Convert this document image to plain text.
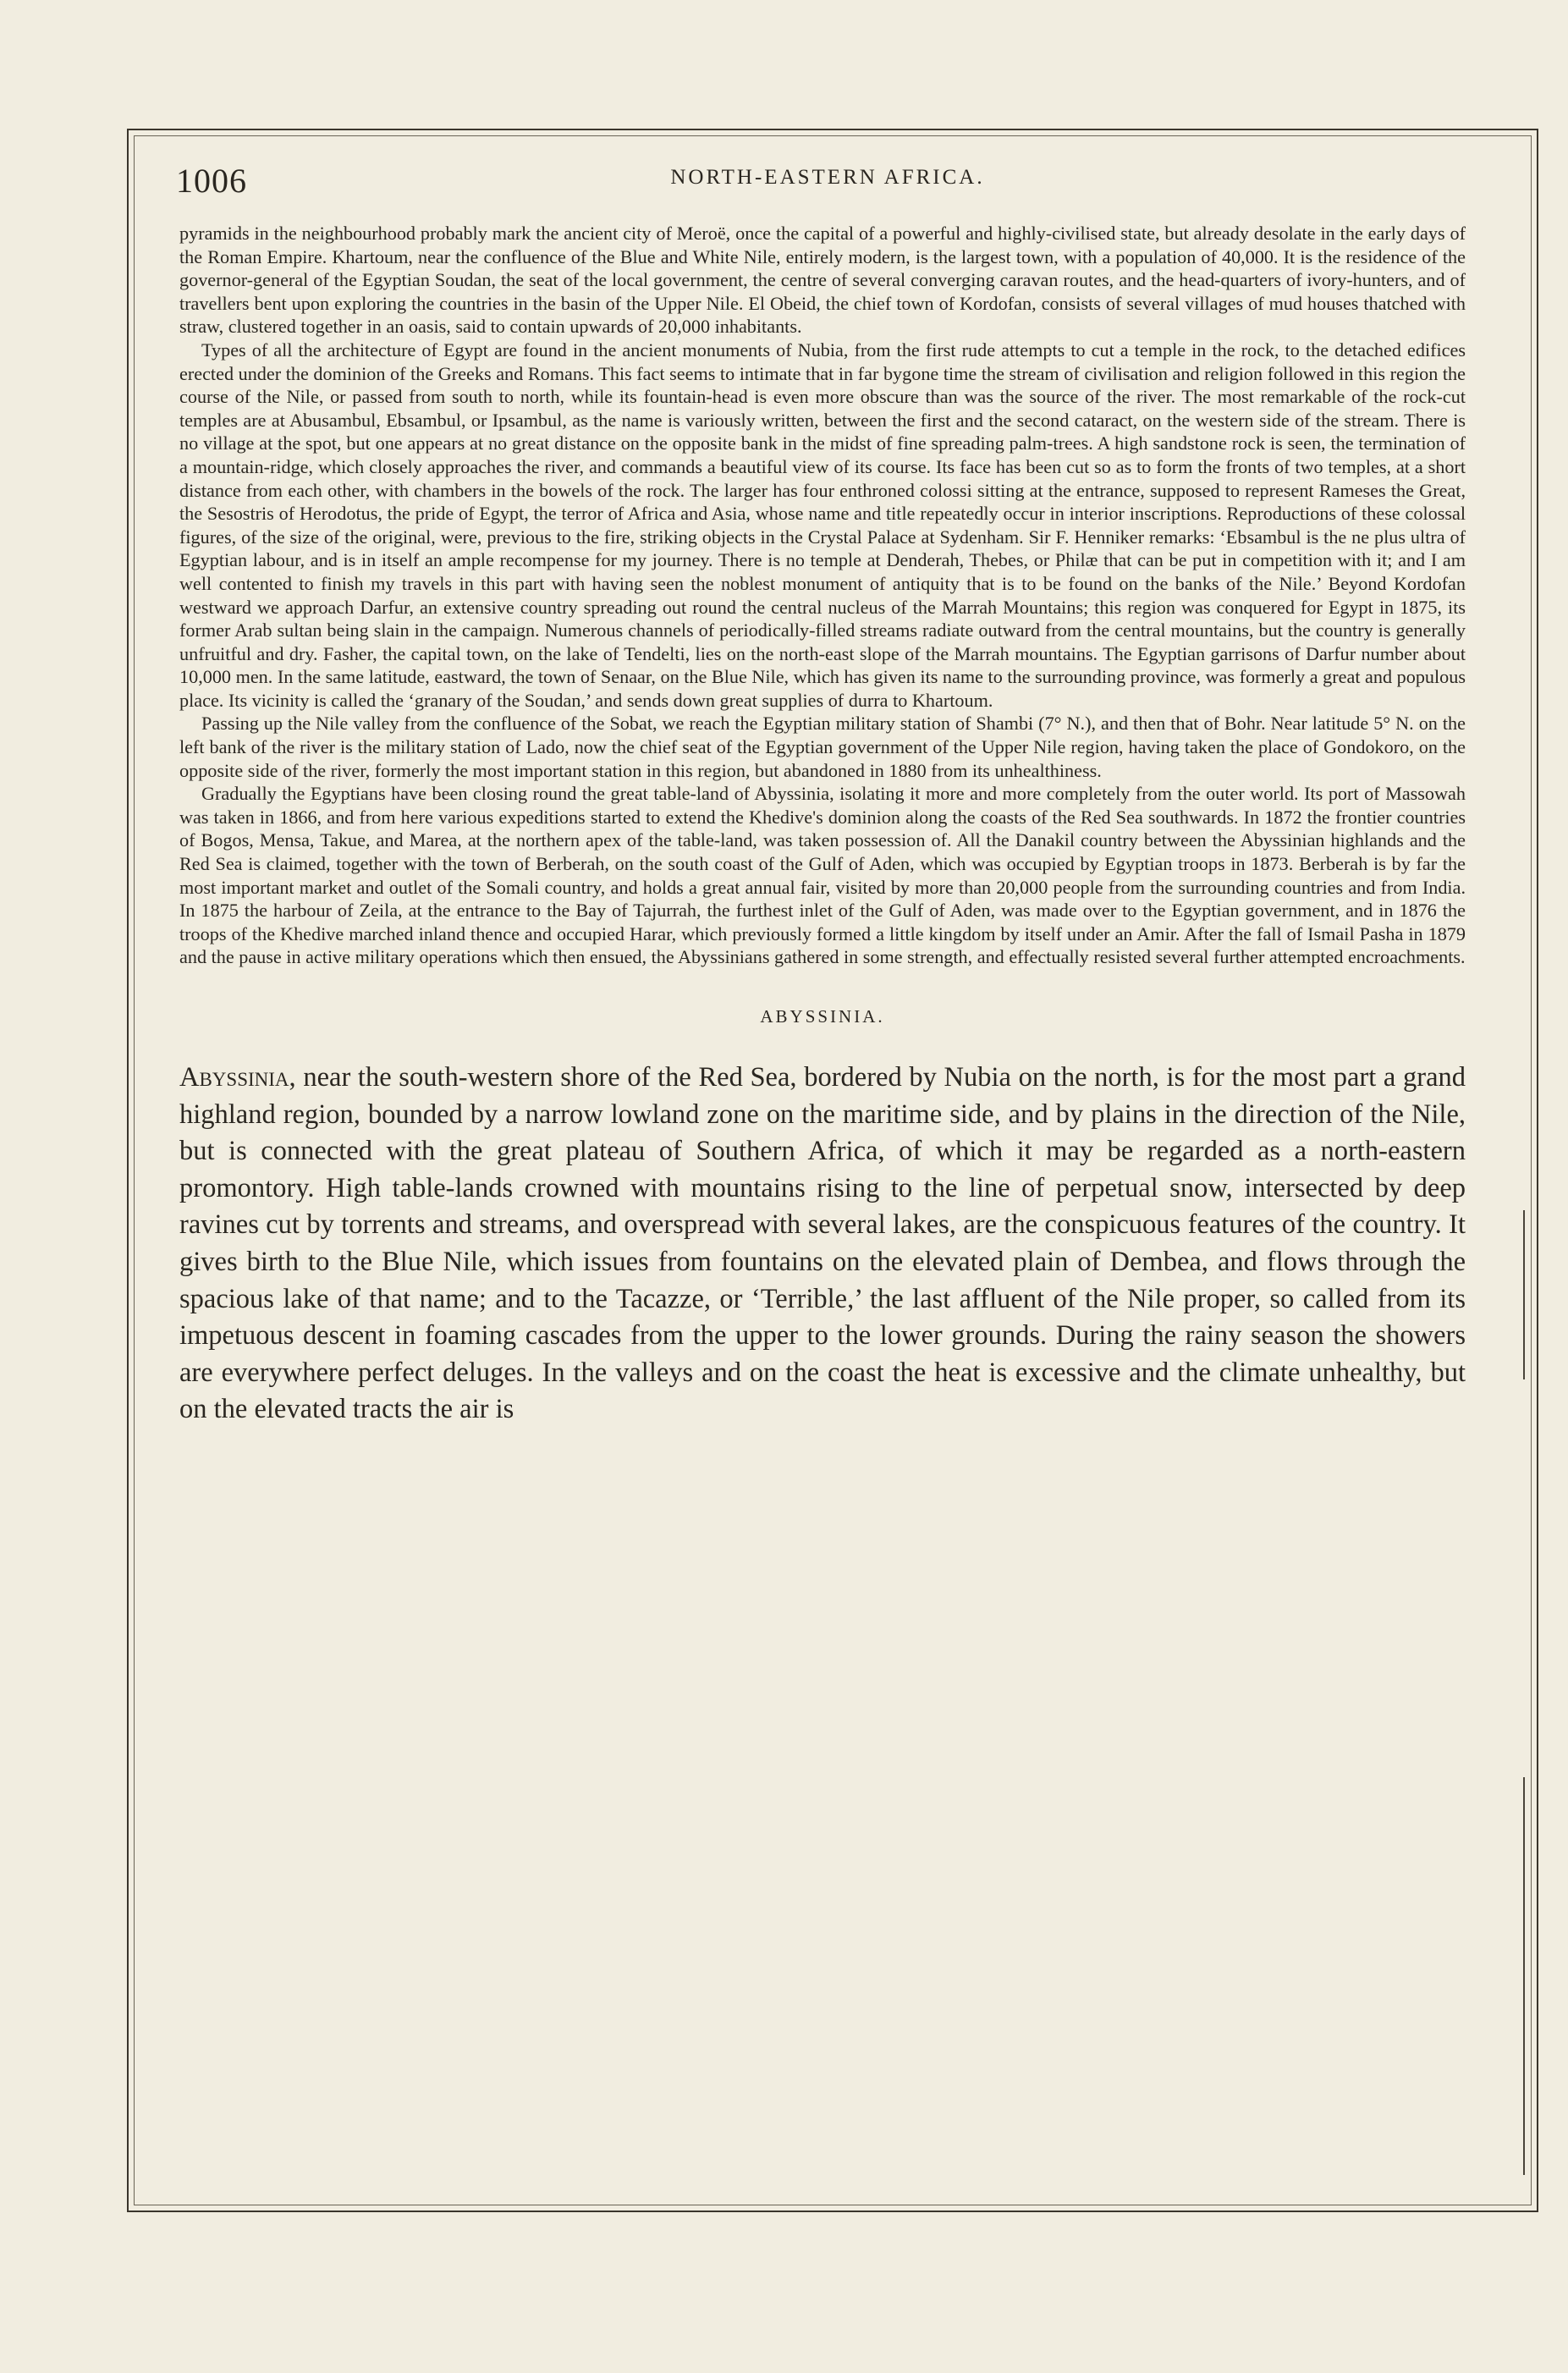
1006	NORTH-EASTERN AFRICA.

pyramids in the neighbourhood probably mark the ancient city of Meroë, once the capital of a powerful and highly-civilised state, but already desolate in the early days of the Roman Empire. Khartoum, near the confluence of the Blue and White Nile, entirely modern, is the largest town, with a population of 40,000. It is the residence of the governor-general of the Egyptian Soudan, the seat of the local government, the centre of several converging caravan routes, and the head-quarters of ivory-hunters, and of travellers bent upon exploring the countries in the basin of the Upper Nile. El Obeid, the chief town of Kordofan, consists of several villages of mud houses thatched with straw, clustered together in an oasis, said to contain upwards of 20,000 inhabitants.

Types of all the architecture of Egypt are found in the ancient monuments of Nubia, from the first rude attempts to cut a temple in the rock, to the detached edifices erected under the dominion of the Greeks and Romans. This fact seems to intimate that in far bygone time the stream of civilisation and religion followed in this region the course of the Nile, or passed from south to north, while its fountain-head is even more obscure than was the source of the river. The most remarkable of the rock-cut temples are at Abusambul, Ebsambul, or Ipsambul, as the name is variously written, between the first and the second cataract, on the western side of the stream. There is no village at the spot, but one appears at no great distance on the opposite bank in the midst of fine spreading palm-trees. A high sandstone rock is seen, the termination of a mountain-ridge, which closely approaches the river, and commands a beautiful view of its course. Its face has been cut so as to form the fronts of two temples, at a short distance from each other, with chambers in the bowels of the rock. The larger has four enthroned colossi sitting at the entrance, supposed to represent Rameses the Great, the Sesostris of Herodotus, the pride of Egypt, the terror of Africa and Asia, whose name and title repeatedly occur in interior inscriptions. Reproductions of these colossal figures, of the size of the original, were, previous to the fire, striking objects in the Crystal Palace at Sydenham. Sir F. Henniker remarks: ‘Ebsambul is the ne plus ultra of Egyptian labour, and is in itself an ample recompense for my journey. There is no temple at Denderah, Thebes, or Philæ that can be put in competition with it; and I am well contented to finish my travels in this part with having seen the noblest monument of antiquity that is to be found on the banks of the Nile.’ Beyond Kordofan westward we approach Darfur, an extensive country spreading out round the central nucleus of the Marrah Mountains; this region was conquered for Egypt in 1875, its former Arab sultan being slain in the campaign. Numerous channels of periodically-filled streams radiate outward from the central mountains, but the country is generally unfruitful and dry. Fasher, the capital town, on the lake of Tendelti, lies on the north-east slope of the Marrah mountains. The Egyptian garrisons of Darfur number about 10,000 men. In the same latitude, eastward, the town of Senaar, on the Blue Nile, which has given its name to the surrounding province, was formerly a great and populous place. Its vicinity is called the ‘granary of the Soudan,’ and sends down great supplies of durra to Khartoum.

Passing up the Nile valley from the confluence of the Sobat, we reach the Egyptian military station of Shambi (7° N.), and then that of Bohr. Near latitude 5° N. on the left bank of the river is the military station of Lado, now the chief seat of the Egyptian government of the Upper Nile region, having taken the place of Gondokoro, on the opposite side of the river, formerly the most important station in this region, but abandoned in 1880 from its unhealthiness.

Gradually the Egyptians have been closing round the great table-land of Abyssinia, isolating it more and more completely from the outer world. Its port of Massowah was taken in 1866, and from here various expeditions started to extend the Khedive's dominion along the coasts of the Red Sea southwards. In 1872 the frontier countries of Bogos, Mensa, Takue, and Marea, at the northern apex of the table-land, was taken possession of. All the Danakil country between the Abyssinian highlands and the Red Sea is claimed, together with the town of Berberah, on the south coast of the Gulf of Aden, which was occupied by Egyptian troops in 1873. Berberah is by far the most important market and outlet of the Somali country, and holds a great annual fair, visited by more than 20,000 people from the surrounding countries and from India. In 1875 the harbour of Zeila, at the entrance to the Bay of Tajurrah, the furthest inlet of the Gulf of Aden, was made over to the Egyptian government, and in 1876 the troops of the Khedive marched inland thence and occupied Harar, which previously formed a little kingdom by itself under an Amir. After the fall of Ismail Pasha in 1879 and the pause in active military operations which then ensued, the Abyssinians gathered in some strength, and effectually resisted several further attempted encroachments.

ABYSSINIA.

Abyssinia, near the south-western shore of the Red Sea, bordered by Nubia on the north, is for the most part a grand highland region, bounded by a narrow lowland zone on the maritime side, and by plains in the direction of the Nile, but is connected with the great plateau of Southern Africa, of which it may be regarded as a north-eastern promontory. High table-lands crowned with mountains rising to the line of perpetual snow, intersected by deep ravines cut by torrents and streams, and overspread with several lakes, are the conspicuous features of the country. It gives birth to the Blue Nile, which issues from fountains on the elevated plain of Dembea, and flows through the spacious lake of that name; and to the Tacazze, or ‘Terrible,’ the last affluent of the Nile proper, so called from its impetuous descent in foaming cascades from the upper to the lower grounds. During the rainy season the showers are everywhere perfect deluges. In the valleys and on the coast the heat is excessive and the climate unhealthy, but on the elevated tracts the air is
